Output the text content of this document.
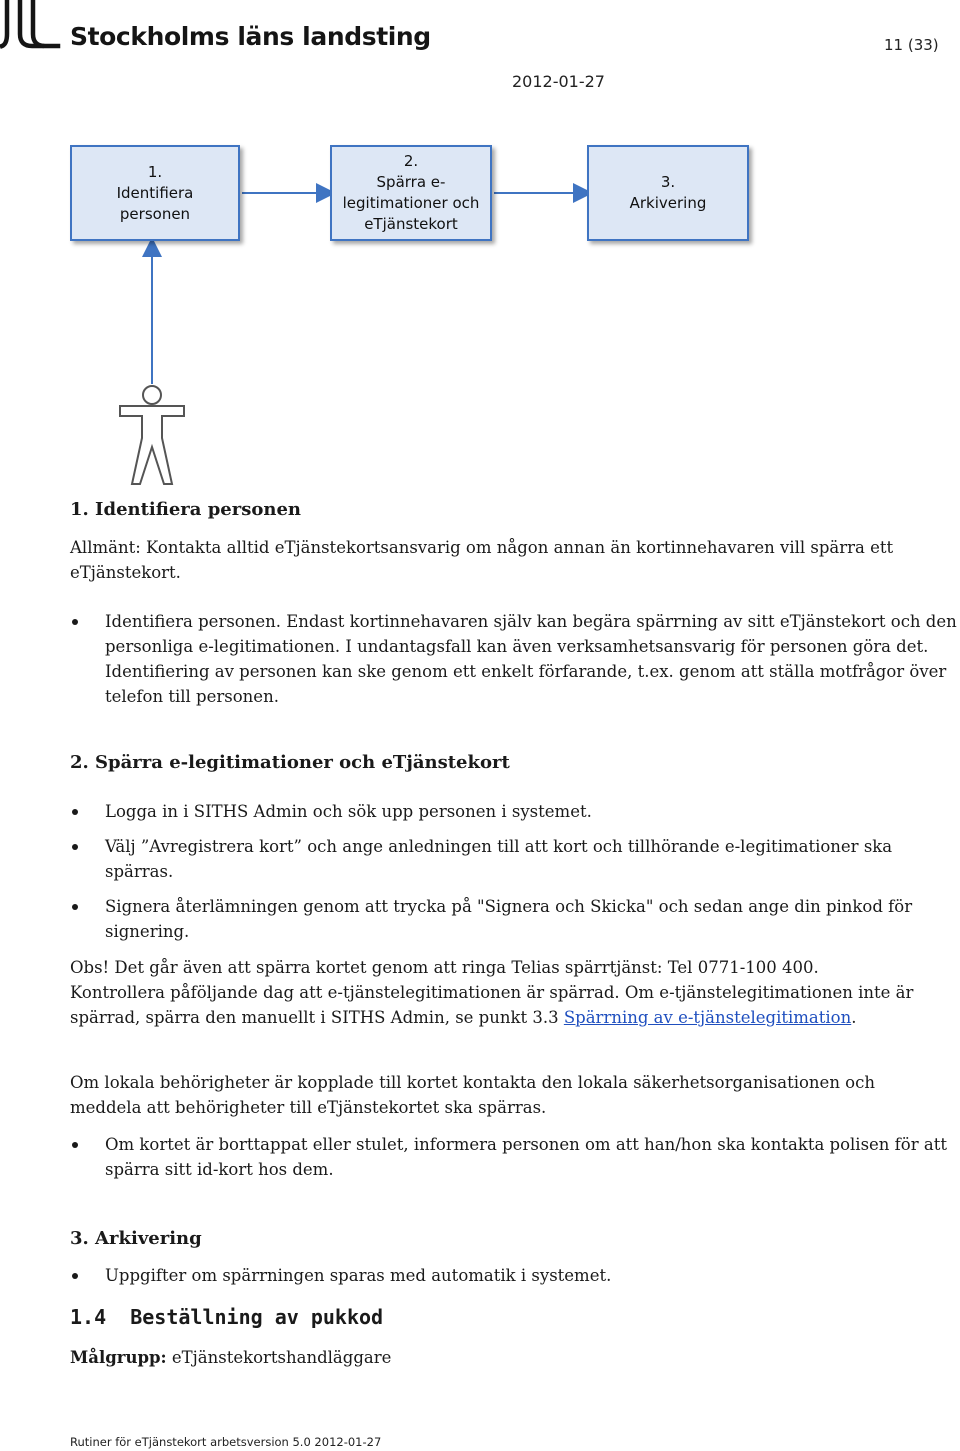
Stockholms läns landsting	11 (33)
2012-01-27
1.
Identifiera
personen
2.
Spärra e-
legitimationer och
eTjänstekort
3.
Arkivering
1. Identifiera personen

Allmänt: Kontakta alltid eTjänstekortsansvarig om någon annan än kortinnehavaren vill spärra ett eTjänstekort.

Identifiera personen. Endast kortinnehavaren själv kan begära spärrning av sitt eTjänstekort och den personliga e-legitimationen. I undantagsfall kan även verksamhetsansvarig för personen göra det. Identifiering av personen kan ske genom ett enkelt förfarande, t.ex. genom att ställa motfrågor över telefon till personen.
2. Spärra e-legitimationer och eTjänstekort
Logga in i SITHS Admin och sök upp personen i systemet.
Välj ”Avregistrera kort” och ange anledningen till att kort och tillhörande e-legitimationer ska spärras.
Signera återlämningen genom att trycka på "Signera och Skicka" och sedan ange din pinkod för signering.

Obs! Det går även att spärra kortet genom att ringa Telias spärrtjänst: Tel 0771-100 400.

Kontrollera påföljande dag att e-tjänstelegitimationen är spärrad. Om e-tjänstelegitimationen inte är spärrad, spärra den manuellt i SITHS Admin, se punkt 3.3 Spärrning av e-tjänstelegitimation.

Om lokala behörigheter är kopplade till kortet kontakta den lokala säkerhetsorganisationen och meddela att behörigheter till eTjänstekortet ska spärras.

Om kortet är borttappat eller stulet, informera personen om att han/hon ska kontakta polisen för att spärra sitt id-kort hos dem.
3. Arkivering
Uppgifter om spärrningen sparas med automatik i systemet.
1.4 Beställning av pukkod
Målgrupp: eTjänstekortshandläggare
Rutiner för eTjänstekort arbetsversion 5.0 2012-01-27
